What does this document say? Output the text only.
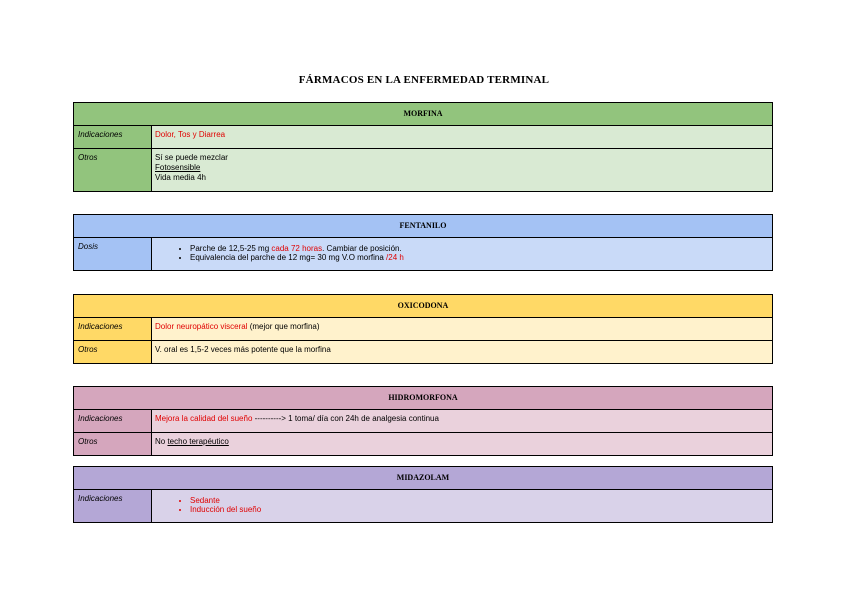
FÁRMACOS EN LA ENFERMEDAD TERMINAL
MORFINA
Indicaciones	Dolor, Tos y Diarrea
Otros	Sí se puede mezclar
Fotosensible
Vida media 4h
FENTANILO
Dosis	• Parche de 12,5-25 mg cada 72 horas. Cambiar de posición.
• Equivalencia del parche de 12 mg= 30 mg V.O morfina /24 h
OXICODONA
Indicaciones	Dolor neuropático visceral (mejor que morfina)
Otros	V. oral es 1,5-2 veces más potente que la morfina
HIDROMORFONA
Indicaciones	Mejora la calidad del sueño ----------> 1 toma/ día con 24h de analgesia continua
Otros	No techo terapéutico
MIDAZOLAM
Indicaciones	• Sedante
• Inducción del sueño
